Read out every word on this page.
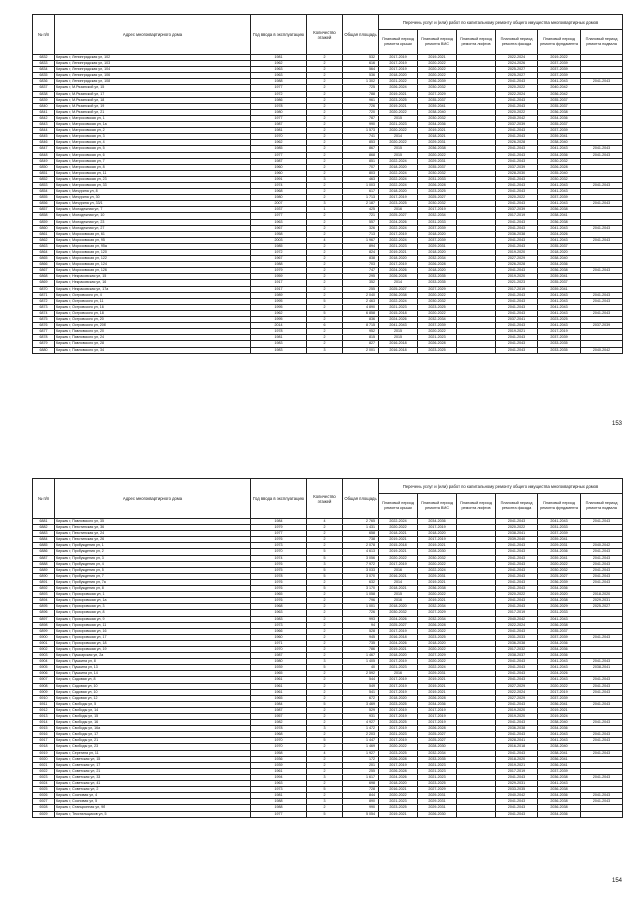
№ п/п	Адрес многоквартирного дома	Год ввода в эксплуатацию	Количество этажей	Общая площадь	Перечень услуг и (или) работ по капитальному ремонту общего имущества многоквартирных домов					
					Плановый период ремонта крыши	Плановый период ремонта ВИС	Плановый период ремонта лифтов	Плановый период ремонта фасада	Плановый период ремонта фундамента	Плановый период ремонта подвала
6832	Киржач г, Ленинградская ул, 102	1981	2	532	2017-2019	2019-2021		2022-2024	2019-2022	
6833	Киржач г, Ленинградская ул, 103	1962	2	616	2017-2019	2020-2022		2024-2026	2037-2039	
6834	Киржач г, Ленинградская ул, 104	1963	2	564	2017-2019	2020-2022		2025-2027	2037-2039	
6835	Киржач г, Ленинградская ул, 106	1963	2	536	2018-2020	2020-2022		2025-2027	2037-2039	
6836	Киржач г, Ленинградская ул, 108	1988	2	1 302	2021-2022	2036-2039		2041-2043	2041-2043	2041-2043
6837	Киржач г, М.Рязанской ул, 15	1977	2	725	2026-2024	2030-2032		2020-2022	2040-2042	
6838	Киржач г, М.Рязанской ул, 17	1972	2	788	2019-2021	2027-2029		2022-2024	2036-2042	
6839	Киржач г, М.Рязанской ул, 18	1986	2	961	2023-2025	2035-2037		2041-2043	2035-2037	
6840	Киржач г, М.Рязанской ул, 19	1978	2	726	2019-2021	2039-2041		2041-2043	2035-2037	
6841	Киржач г, М.Рязанской ул, 21	1980	2	720	2020-2022	2038-2040		2020-2022	2036-2038	
6842	Киржач г, Матросовская ул, 1	1977	2	787	2015	2030-2032		2040-2042	2034-2036	
6843	Киржач г, Матросовская ул, 1а	1987	2	990	2021-2023	2034-2036		2037-2039	2035-2037	
6844	Киржач г, Матросовская ул, 2	1981	2	1 573	2020-2022	2019-2021		2041-2043	2037-2039	
6845	Киржач г, Матросовская ул, 3	1970	2	741	2014	2018-2021		2041-2043	2039-2041	
6846	Киржач г, Матросовская ул, 4	1962	2	853	2020-2022	2029-2031		2026-2028	2038-2040	
6847	Киржач г, Матросовская ул, 5	1985	2	867	2015	2036-2038		2041-2043	2041-2043	2041-2043
6848	Киржач г, Матросовская ул, 6	1977	2	868	2015	2020-2022		2041-2043	2034-2036	2041-2043
6849	Киржач г, Матросовская ул, 7	1987	2	851	2022-2024	2029-2031		2041-2043	2030-2032	
6850	Киржач г, Матросовская ул, 8	1960	2	707	2018-2020	2035-2037		2037-2039	2026-2028	
6851	Киржач г, Матросовская ул, 11	1960	2	803	2022-2024	2030-2032		2028-2030	2035-2040	
6852	Киржач г, Матросовская ул, 23	1991	3	463	2022-2024	2031-2033		2041-2043	2030-2032	
6853	Киржач г, Матросовская ул, 33	1974	2	1 003	2022-2024	2026-2028		2041-2043	2041-2043	2041-2043
6854	Киржач г, Мичурина ул, 8	1968	2	617	2018-2020	2023-2025		2041-2043	2041-2043	
6855	Киржач г, Мичурина ул, 30	1980	2	1 713	2017-2019	2025-2027		2020-2022	2037-2039	
6856	Киржач г, Мичурина ул, 33/1	2007	3	2 187	2023-2025	2030-2032		2041-2043	2041-2043	2041-2043
6857	Киржач г, Молодежная ул, 7	1937	1	425	2016	2017-2019		2037-2039	2036-2038	
6858	Киржач г, Молодежная ул, 10	1977	2	721	2025-2027	2032-2034		2017-2019	2038-2041	
6859	Киржач г, Молодежная ул, 23	1963	2	557	2024-2026	2031-2033		2041-2043	2036-2038	
6860	Киржач г, Молодежная ул, 27	1967	2	326	2022-2024	2037-2039		2041-2043	2041-2043	2041-2043
6861	Киржач г, Морозовская ул, 61	1958	2	713	2017-2019	2018-2020		2036-2038	2024-2026	
6862	Киржач г, Морозовская ул, 95	2003	4	1 967	2022-2024	2037-2039		2041-2043	2041-2043	2041-2043
6863	Киржач г, Морозовская ул, 95а	1985	2	894	2021-2023	2029-2031		2041-2043	2035-2037	
6864	Киржач г, Морозовская ул, 120	1972	2	824	2019-2021	2018-2020		2019-2020	2018-2020	
6865	Киржач г, Морозовская ул, 122	1967	2	838	2018-2020	2032-2034		2027-2029	2038-2040	
6866	Киржач г, Морозовская ул, 124	1988	2	703	2017-2019	2026-2028		2026-2028	2034-2036	
6867	Киржач г, Морозовская ул, 126	1979	2	747	2024-2026	2018-2020		2041-2043	2036-2038	2041-2043
6868	Киржач г, Некрасовская ул, 15	1959	2	295	2026-2028	2033-2035		2019-2020	2039-2041	
6869	Киржач г, Некрасовская ул, 16	1917	2	352	2014	2033-2035		2021-2023	2035-2037	
6870	Киржач г, Некрасовская ул, 17а	1917	2	255	2025-2027	2027-2029		2017-2019	2039-2041	
6871	Киржач г, Островского ул, 4	1989	2	2 040	2036-2038	2020-2022		2041-2043	2041-2043	2041-2043
6872	Киржач г, Островского ул, 11	1995	5	2 463	2022-2024	2030-2032		2041-2043	2041-2043	2041-2043
6873	Киржач г, Островского ул, 16	1995	2	4 890	2021-2023	2023-2025		2041-2043	2041-2043	
6874	Киржач г, Островского ул, 18	1962	5	6 858	2015-2018	2020-2022		2041-2043	2041-2043	2041-2043
6875	Киржач г, Островского ул, 20	1995	2	836	2024-2026	2032-2034		2037-2041	2023-2025	
6876	Киржач г, Островского ул, 20б	2014	6	8 715	2041-2043	2037-2039		2041-2043	2041-2043	2037-2039
6877	Киржач г, Павловского ул, 20	1978	2	952	2015	2020-2022		2019-2021	2017-2019	
6878	Киржач г, Павловского ул, 24	1981	2	815	2015	2021-2023		2041-2043	2037-2039	
6879	Киржач г, Павловского ул, 28	1983	2	827	2016-2018	2026-2028		2041-2043	2033-2035	
6880	Киржач г, Павловского ул, 34	1983	3	2 001	2016-2018	2023-2025		2041-2043	2033-2035	2040-2042
153
№ п/п	Адрес многоквартирного дома	Год ввода в эксплуатацию	Количество этажей	Общая площадь	Перечень услуг и (или) работ по капитальному ремонту общего имущества многоквартирных домов					
					Плановый период ремонта крыши	Плановый период ремонта ВИС	Плановый период ремонта лифтов	Плановый период ремонта фасада	Плановый период ремонта фундамента	Плановый период ремонта подвала
6881	Киржач г, Павловского ул, 35	1984	4	2 765	2022-2024	2034-2036		2041-2043	2041-2043	2041-2043
6882	Киржач г, Пехотинская ул, 36	1979	2	1 431	2020-2022	2017-2019		2020-2022	2031-2033	
6883	Киржач г, Пехотинская ул, 24	1977	2	658	2018-2021	2018-2020		2038-2041	2037-2039	
6884	Киржач г, Пехотинская ул, 26	1976	2	738	2019-2021	2017-2019		2039-2040	2039-2041	
6885	Киржач г, Пробуждения ул, 1	1973	2	2 078	2015-2018	2019-2021		2041-2043	2029-2031	2040-2042
6886	Киржач г, Пробуждения ул, 2	1970	5	4 613	2019-2021	2028-2030		2041-2043	2034-2036	2041-2043
6887	Киржач г, Пробуждения ул, 3	1974	5	3 056	2020-2022	2030-2032		2041-2043	2039-2041	2041-2043
6888	Киржач г, Пробуждения ул, 4	1976	3	7 972	2017-2019	2020-2022		2041-2043	2020-2022	2041-2043
6889	Киржач г, Пробуждения ул, 5	1975	5	3 033	2016	2022-2024		2041-2043	2030-2032	2041-2043
6890	Киржач г, Пробуждения ул, 7	1978	5	3 070	2016-2021	2029-2031		2041-2043	2025-2027	2041-2043
6891	Киржач г, Пробуждения ул, 7а	1976	2	632	2014	2019-2021		2041-2043	2036-2039	2041-2043
6892	Киржач г, Пробуждения ул, 8	1976	5	3 170	2018-2021	2036-2038		2041-2043	2034-2036	
6893	Киржач г, Прохоровская ул, 1	1965	2	1 058	2015	2020-2022		2020-2022	2019-2020	2018-2020
6894	Киржач г, Прохоровская ул, 1а	1976	2	796	2016	2019-2021		2041-2043	2034-2038	2029-2031
6895	Киржач г, Прохоровская ул, 3	1968	2	1 001	2018-2020	2032-2034		2041-2043	2026-2029	2025-2027
6896	Киржач г, Прохоровская ул, 8	1963	2	726	2030-2032	2027-2029		2017-2019	2031-2033	
6897	Киржач г, Прохоровская ул, 9	1983	2	993	2024-2026	2032-2034		2040-2042	2041-2043	
6898	Киржач г, Прохоровская ул, 11	1973	2	94	2025-2027	2026-2028		2022-2024	2036-2038	
6899	Киржач г, Прохоровская ул, 16	1966	2	528	2017-2019	2020-2022		2041-2043	2035-2037	
6900	Киржач г, Прохоровская ул, 17	1960	2	945	2016-2018	2023-2025		2031-2033	2037-2039	2041-2043
6901	Киржач г, Прохоровская ул, 18	1971	2	735	2024-2026	2018-2020		2036-2038	2034-2036	
6902	Киржач г, Прохоровская ул, 19	1970	2	786	2019-2021	2020-2022		2017-2032	2034-2036	
6903	Киржач г, Пушкарская ул, 2а	1987	2	1 467	2018-2020	2027-2029		2038-2037	2034-2036	
6904	Киржач г, Пушкина ул, 8	1980	3	1 405	2017-2019	2020-2022		2041-2043	2041-2043	2041-2043
6905	Киржач г, Пушкина ул, 13	1939	5	40	2021-2023	2022-2024		2041-2043	2041-2043	2038-2041
6906	Киржач г, Пушкина ул, 14	1965	2	2 592	2016	2029-2031		2041-2043	2024-2026	
6907	Киржач г, Садовая ул, 8	1961	2	544	2017-2019	2019-2021		2041-2043	2041-2043	2041-2043
6908	Киржач г, Садовая ул, 10	1961	2	549	2017-2019	2019-2021		2027-2029	2020-2022	2041-2043
6909	Киржач г, Садовая ул, 10	1961	2	541	2017-2019	2019-2021		2022-2024	2017-2019	2041-2043
6910	Киржач г, Садовая ул, 12	1965	2	672	2018-2020	2026-2028		2027-2029	2037-2039	
6911	Киржач г, Свободы ул, 5	1984	5	3 469	2023-2025	2034-2036		2041-2043	2036-2041	2041-2043
6912	Киржач г, Свободы ул, 14	1987	2	529	2017-2019	2017-2019		2019-2020	2019-2021	
6913	Киржач г, Свободы ул, 15	1957	2	931	2017-2019	2017-2019		2019-2020	2019-2024	
6914	Киржач г, Свободы ул, 16	1982	2	4 927	2023-2025	2017-2019		2041-2043	2038-2040	2041-2043
6915	Киржач г, Свободы ул, 16а	1978	3	1 472	2017-2019	2026-2028		2036-2038	2034-2036	
6916	Киржач г, Свободы ул, 17	1968	2	2 203	2021-2023	2025-2027		2041-2043	2041-2043	2041-2043
6917	Киржач г, Свободы ул, 21	1970	5	1 447	2017-2019	2025-2027		2028-2041	2041-2043	2041-2043
6918	Киржач г, Свободы ул, 23	1970	2	1 469	2020-2022	2028-2030		2016-2018	2038-2040	
6919	Киржач г, Серегина ул, 11	1958	4	1 927	2023-2025	2032-2034		2041-2043	2038-2041	2041-2043
6920	Киржач г, Советская ул, 15	1936	2	172	2026-2028	2033-2035		2018-2020	2036-2041	
6921	Киржач г, Советская ул, 17	1939	2	201	2017-2019	2021-2023		2019-2021	2036-2041	
6922	Киржач г, Советская ул, 21	1961	2	255	2026-2028	2021-2023		2017-2019	2037-2039	
6923	Киржач г, Советская ул, 33	1994	3	1 617	2024-2026	2021-2023		2041-2043	2036-2038	2041-2043
6924	Киржач г, Советская ул, 41	1963	2	698	2018-2020	2023-2025		2029-2031	2041-2043	
6925	Киржач г, Советская ул, 2	1973	5	728	2016-2021	2027-2029		2033-2035	2036-2038	
6926	Киржач г, Сосновая ул, 4	1981	2	844	2020-2022	2029-2031		2040-2042	2034-2036	2041-2043
6927	Киржач г, Сосновая ул, 5	1988	3	890	2021-2023	2029-2031		2041-2043	2036-2038	2041-2043
6928	Киржач г, Станционная ул, 9б	1988	2	990	2023-2025	2029-2031		2041-2043	2036-2038	
6929	Киржач г, Текстильщиков ул, 5	1977	5	5 054	2019-2021	2026-2030		2041-2043	2034-2036	
154
